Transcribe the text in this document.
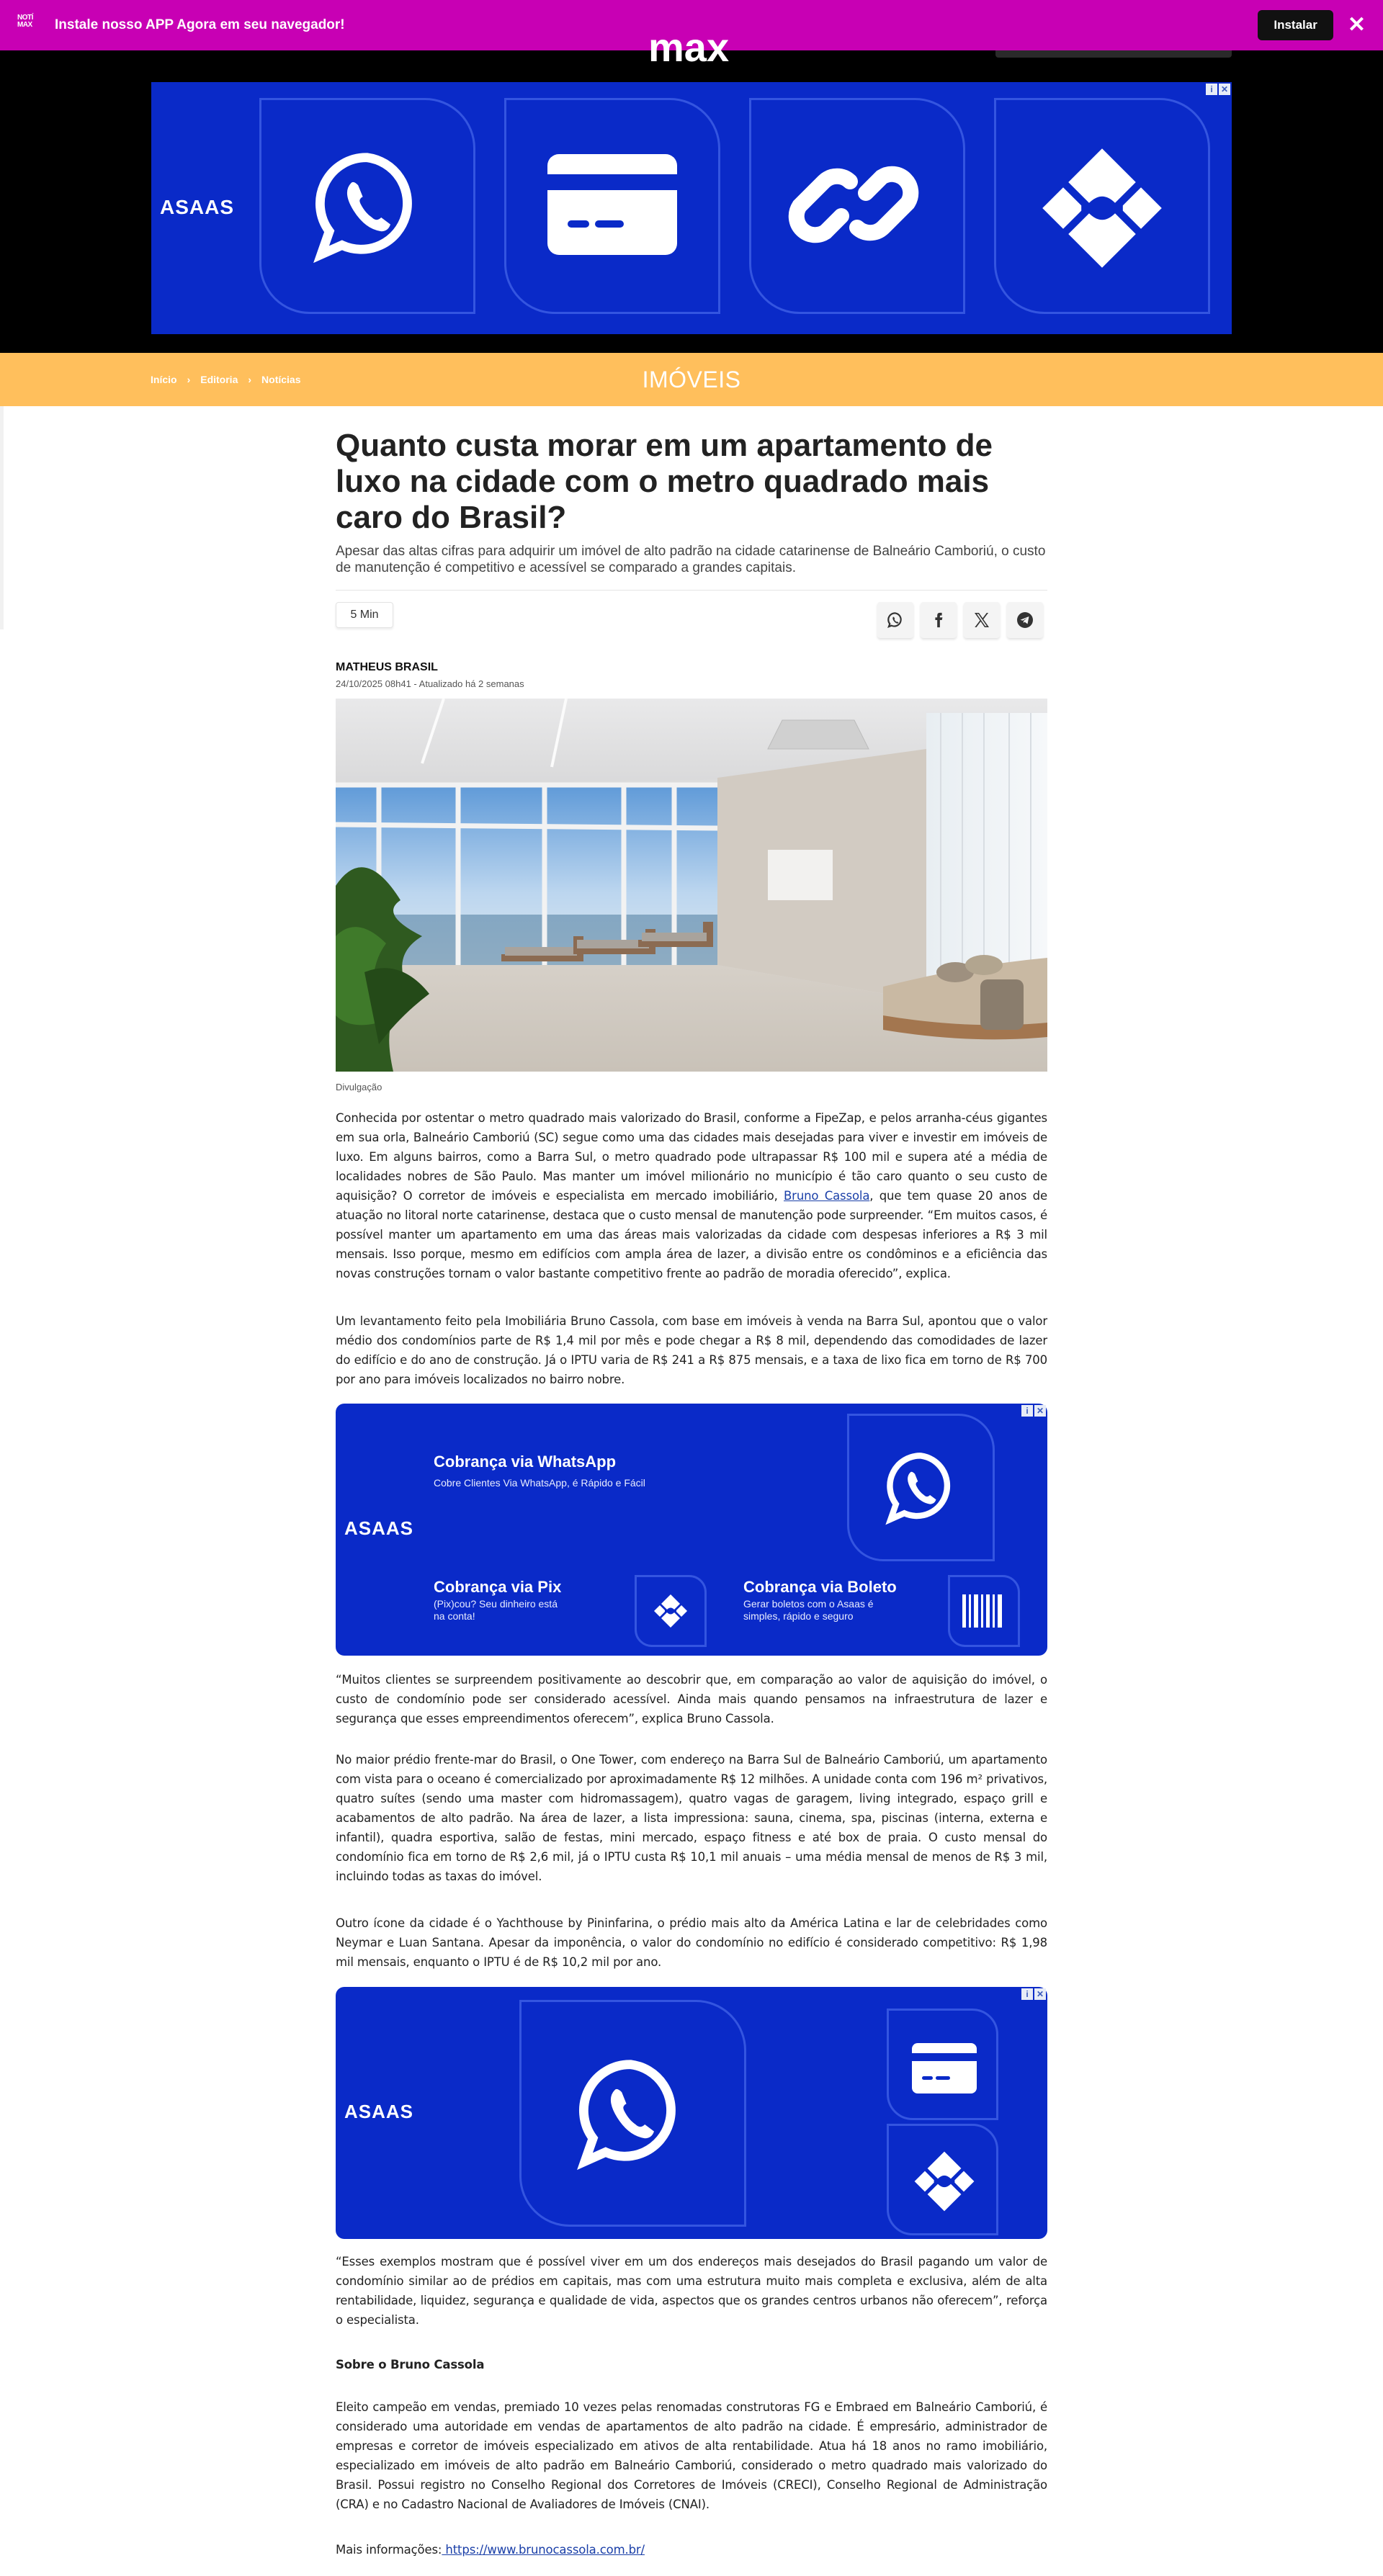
NOTÍ MAX	Instale nosso APP Agora em seu navegador!	Instalar	✕
i ✕
ASAAS
IMÓVEIS
Início › Editoria › Notícias
Quanto custa morar em um apartamento de luxo na cidade com o metro quadrado mais caro do Brasil?

Apesar das altas cifras para adquirir um imóvel de alto padrão na cidade catarinense de Balneário Camboriú, o custo de manutenção é competitivo e acessível se comparado a grandes capitais.

5 Min
MATHEUS BRASIL
24/10/2025 08h41 - Atualizado há 2 semanas
Divulgação

Conhecida por ostentar o metro quadrado mais valorizado do Brasil, conforme a FipeZap, e pelos arranha-céus gigantes em sua orla, Balneário Camboriú (SC) segue como uma das cidades mais desejadas para viver e investir em imóveis de luxo. Em alguns bairros, como a Barra Sul, o metro quadrado pode ultrapassar R$ 100 mil e supera até a média de localidades nobres de São Paulo. Mas manter um imóvel milionário no município é tão caro quanto o seu custo de aquisição? O corretor de imóveis e especialista em mercado imobiliário, Bruno Cassola, que tem quase 20 anos de atuação no litoral norte catarinense, destaca que o custo mensal de manutenção pode surpreender. “Em muitos casos, é possível manter um apartamento em uma das áreas mais valorizadas da cidade com despesas inferiores a R$ 3 mil mensais. Isso porque, mesmo em edifícios com ampla área de lazer, a divisão entre os condôminos e a eficiência das novas construções tornam o valor bastante competitivo frente ao padrão de moradia oferecido”, explica.

Um levantamento feito pela Imobiliária Bruno Cassola, com base em imóveis à venda na Barra Sul, apontou que o valor médio dos condomínios parte de R$ 1,4 mil por mês e pode chegar a R$ 8 mil, dependendo das comodidades de lazer do edifício e do ano de construção. Já o IPTU varia de R$ 241 a R$ 875 mensais, e a taxa de lixo fica em torno de R$ 700 por ano para imóveis localizados no bairro nobre.

i ✕
ASAAS
Cobrança via WhatsApp
Cobre Clientes Via WhatsApp, é Rápido e Fácil
Cobrança via Pix
(Pix)cou? Seu dinheiro está na conta!
Cobrança via Boleto
Gerar boletos com o Asaas é simples, rápido e seguro

“Muitos clientes se surpreendem positivamente ao descobrir que, em comparação ao valor de aquisição do imóvel, o custo de condomínio pode ser considerado acessível. Ainda mais quando pensamos na infraestrutura de lazer e segurança que esses empreendimentos oferecem”, explica Bruno Cassola.

No maior prédio frente-mar do Brasil, o One Tower, com endereço na Barra Sul de Balneário Camboriú, um apartamento com vista para o oceano é comercializado por aproximadamente R$ 12 milhões. A unidade conta com 196 m² privativos, quatro suítes (sendo uma master com hidromassagem), quatro vagas de garagem, living integrado, espaço grill e acabamentos de alto padrão. Na área de lazer, a lista impressiona: sauna, cinema, spa, piscinas (interna, externa e infantil), quadra esportiva, salão de festas, mini mercado, espaço fitness e até box de praia. O custo mensal do condomínio fica em torno de R$ 2,6 mil, já o IPTU custa R$ 10,1 mil anuais – uma média mensal de menos de R$ 3 mil, incluindo todas as taxas do imóvel.

Outro ícone da cidade é o Yachthouse by Pininfarina, o prédio mais alto da América Latina e lar de celebridades como Neymar e Luan Santana. Apesar da imponência, o valor do condomínio no edifício é considerado competitivo: R$ 1,98 mil mensais, enquanto o IPTU é de R$ 10,2 mil por ano.

i ✕
ASAAS

“Esses exemplos mostram que é possível viver em um dos endereços mais desejados do Brasil pagando um valor de condomínio similar ao de prédios em capitais, mas com uma estrutura muito mais completa e exclusiva, além de alta rentabilidade, liquidez, segurança e qualidade de vida, aspectos que os grandes centros urbanos não oferecem”, reforça o especialista.

Sobre o Bruno Cassola

Eleito campeão em vendas, premiado 10 vezes pelas renomadas construtoras FG e Embraed em Balneário Camboriú, é considerado uma autoridade em vendas de apartamentos de alto padrão na cidade. É empresário, administrador de empresas e corretor de imóveis especializado em ativos de alta rentabilidade. Atua há 18 anos no ramo imobiliário, especializado em imóveis de alto padrão em Balneário Camboriú, considerado o metro quadrado mais valorizado do Brasil. Possui registro no Conselho Regional dos Corretores de Imóveis (CRECI), Conselho Regional de Administração (CRA) e no Cadastro Nacional de Avaliadores de Imóveis (CNAI).

Mais informações: https://www.brunocassola.com.br/
